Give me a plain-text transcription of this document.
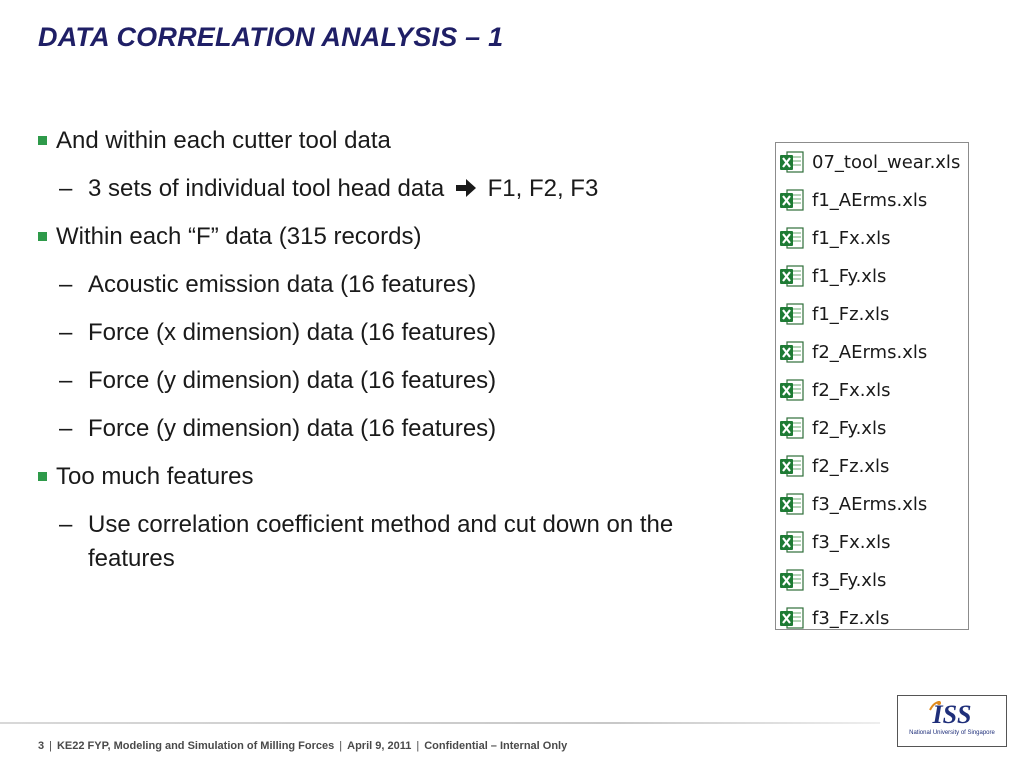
DATA CORRELATION ANALYSIS – 1
And within each cutter tool data
– 3 sets of individual tool head data F1, F2, F3
Within each “F” data (315 records)
– Acoustic emission data (16 features)
– Force (x dimension) data (16 features)
– Force (y dimension) data (16 features)
– Force (y dimension) data (16 features)
Too much features
– Use correlation coefficient method and cut down on the features
07_tool_wear.xls
f1_AErms.xls
f1_Fx.xls
f1_Fy.xls
f1_Fz.xls
f2_AErms.xls
f2_Fx.xls
f2_Fy.xls
f2_Fz.xls
f3_AErms.xls
f3_Fx.xls
f3_Fy.xls
f3_Fz.xls
3 | KE22 FYP, Modeling and Simulation of Milling Forces | April 9, 2011 | Confidential – Internal Only
ISS
National University of Singapore
